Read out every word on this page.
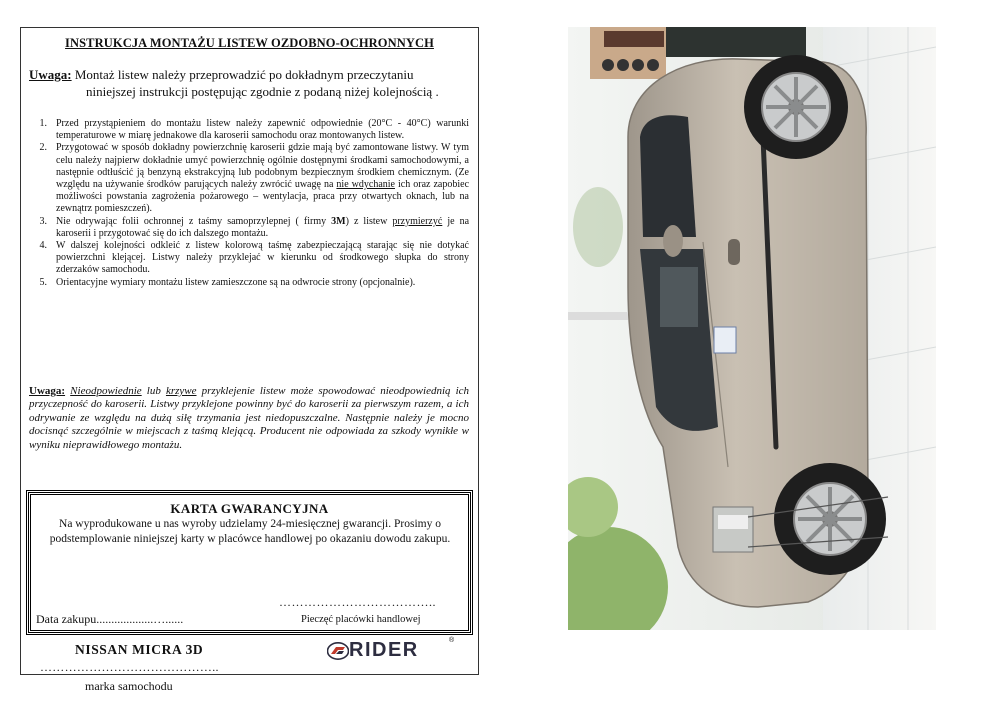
INSTRUKCJA MONTAŻU LISTEW OZDOBNO-OCHRONNYCH
Uwaga: Montaż listew należy przeprowadzić po dokładnym przeczytaniu
niniejszej instrukcji postępując zgodnie z podaną niżej kolejnością .
1. Przed przystąpieniem do montażu listew należy zapewnić odpowiednie (20°C - 40°C) warunki temperaturowe w miarę jednakowe dla karoserii samochodu oraz montowanych listew.
2. Przygotować w sposób dokładny powierzchnię karoserii gdzie mają być zamontowane listwy. W tym celu należy najpierw dokładnie umyć powierzchnię ogólnie dostępnymi środkami samochodowymi, a następnie odtłuścić ją benzyną ekstrakcyjną lub podobnym bezpiecznym środkiem chemicznym. (Ze względu na używanie środków parujących należy zwrócić uwagę na nie wdychanie ich oraz zapobiec możliwości powstania zagrożenia pożarowego – wentylacja, praca przy otwartych oknach, lub na zewnątrz pomieszczeń).
3. Nie odrywając folii ochronnej z taśmy samoprzylepnej ( firmy 3M) z listew przymierzyć je na karoserii i przygotować się do ich dalszego montażu.
4. W dalszej kolejności odkleić z listew kolorową taśmę zabezpieczającą starając się nie dotykać powierzchni klejącej. Listwy należy przyklejać w kierunku od środkowego słupka do strony zderzaków samochodu.
5. Orientacyjne wymiary montażu listew zamieszczone są na odwrocie strony (opcjonalnie).
Uwaga: Nieodpowiednie lub krzywe przyklejenie listew może spowodować nieodpowiednią ich przyczepność do karoserii. Listwy przyklejone powinny być do karoserii za pierwszym razem, a ich odrywanie ze względu na dużą siłę trzymania jest niedopuszczalne. Następnie należy je mocno docisnąć szczególnie w miejscach z taśmą klejącą. Producent nie odpowiada za szkody wynikłe w wyniku nieprawidłowego montażu.
KARTA GWARANCYJNA
Na wyprodukowane u nas wyroby udzielamy 24-miesięcznej gwarancji. Prosimy o podstemplowanie niniejszej karty w placówce handlowej po okazaniu dowodu zakupu.
………………………………..
Data zakupu...................…......	Pieczęć placówki handlowej
NISSAN MICRA 3D
……………………………………..
marka samochodu
RIDER	®
